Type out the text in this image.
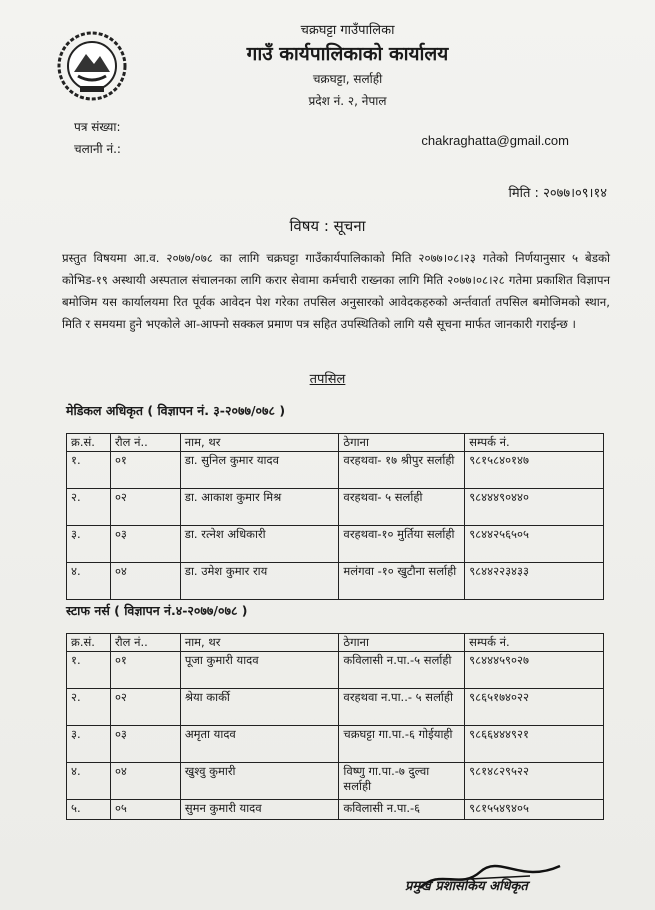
चक्रघट्टा गाउँपालिका
गाउँ कार्यपालिकाको कार्यालय
चक्रघट्टा, सर्लाही
प्रदेश नं. २, नेपाल
पत्र संख्या:
चलानी नं.:
chakraghatta@gmail.com
मिति : २०७७।०९।१४
विषय : सूचना
प्रस्तुत विषयमा आ.व. २०७७/०७८ का लागि चक्रघट्टा गाउँकार्यपालिकाको मिति २०७७।०८।२३ गतेको निर्णयानुसार ५ बेडको कोभिड-१९ अस्थायी अस्पताल संचालनका लागि करार सेवामा कर्मचारी राख्नका लागि मिति २०७७।०८।२८ गतेमा प्रकाशित विज्ञापन बमोजिम यस कार्यालयमा रित पूर्वक आवेदन पेश गरेका तपसिल अनुसारको आवेदकहरुको अर्न्तवार्ता तपसिल बमोजिमको स्थान, मिति र समयमा हुने भएकोले आ-आफ्नो सक्कल प्रमाण पत्र सहित उपस्थितिको लागि यसै सूचना मार्फत जानकारी गराईन्छ ।
तपसिल
मेडिकल अधिकृत ( विज्ञापन नं. ३-२०७७/०७८ )
क्र.सं.	रौल नं..	नाम, थर	ठेगाना	सम्पर्क नं.
१.	०१	डा. सुनिल कुमार यादव	वरहथवा- १७ श्रीपुर सर्लाही	९८१५८४०१४७
२.	०२	डा. आकाश कुमार मिश्र	वरहथवा- ५ सर्लाही	९८४४४९०४४०
३.	०३	डा. रत्नेश अधिकारी	वरहथवा-१० मुर्तिया सर्लाही	९८४४२५६५०५
४.	०४	डा. उमेश कुमार राय	मलंगवा -१० खुटौना सर्लाही	९८४४२२३४३३
स्टाफ नर्स ( विज्ञापन नं.४-२०७७/०७८ )
क्र.सं.	रौल नं..	नाम, थर	ठेगाना	सम्पर्क नं.
१.	०१	पूजा कुमारी यादव	कविलासी न.पा.-५ सर्लाही	९८४४४५९०२७
२.	०२	श्रेया कार्की	वरहथवा न.पा..- ५ सर्लाही	९८६५१७४०२२
३.	०३	अमृता यादव	चक्रघट्टा गा.पा.-६ गोईयाही	९८६६४४४९२१
४.	०४	खुश्वु कुमारी	विष्णु गा.पा.-७ दुल्वा सर्लाही	९८१४८२९५२२
५.	०५	सुमन कुमारी यादव	कविलासी न.पा.-६	९८१५५४९४०५
प्रमुख प्रशासकिय अधिकृत
